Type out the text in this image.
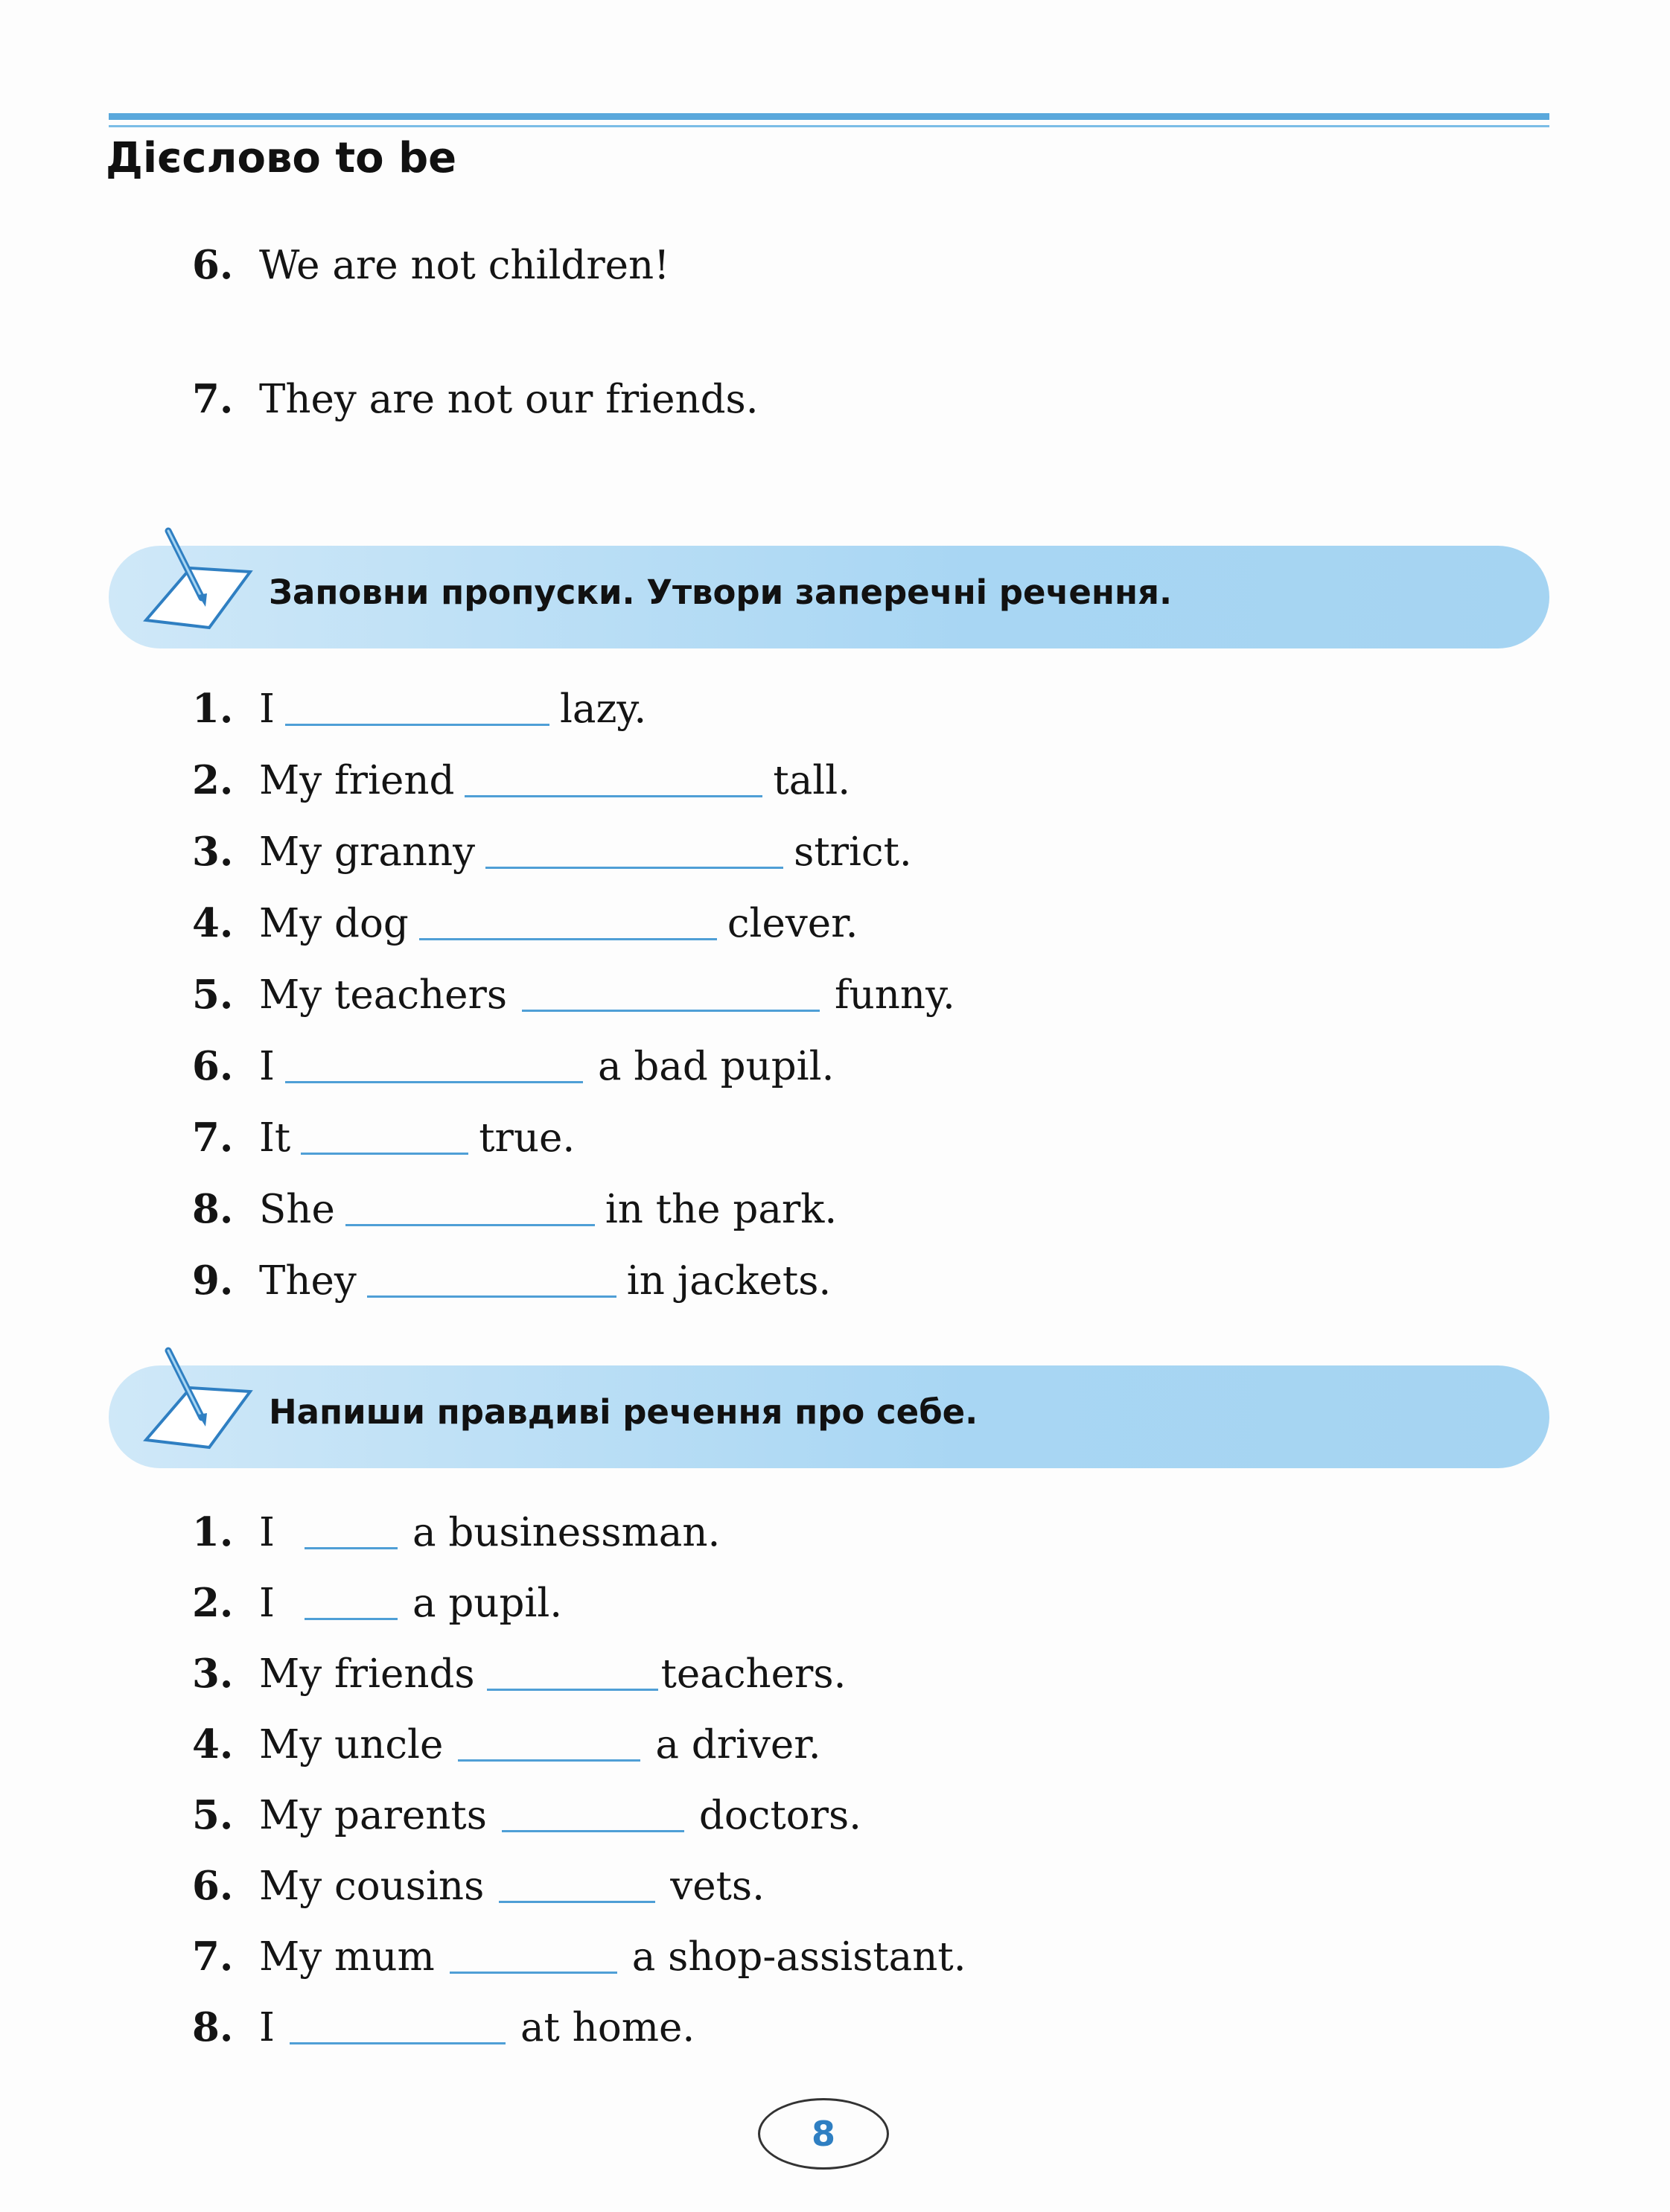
Дієслово to be
6. We are not children!
7. They are not our friends.
Заповни пропуски. Утвори заперечні речення.
1. I	lazy.
2. My friend	tall.
3. My granny	strict.
4. My dog	clever.
5. My teachers	funny.
6. I	a bad pupil.
7. It	true.
8. She	in the park.
9. They	in jackets.
Напиши правдиві речення про себе.
1. I	a businessman.
2. I	a pupil.
3. My friends	teachers.
4. My uncle	a driver.
5. My parents	doctors.
6. My cousins	vets.
7. My mum	a shop-assistant.
8. I	at home.
8
